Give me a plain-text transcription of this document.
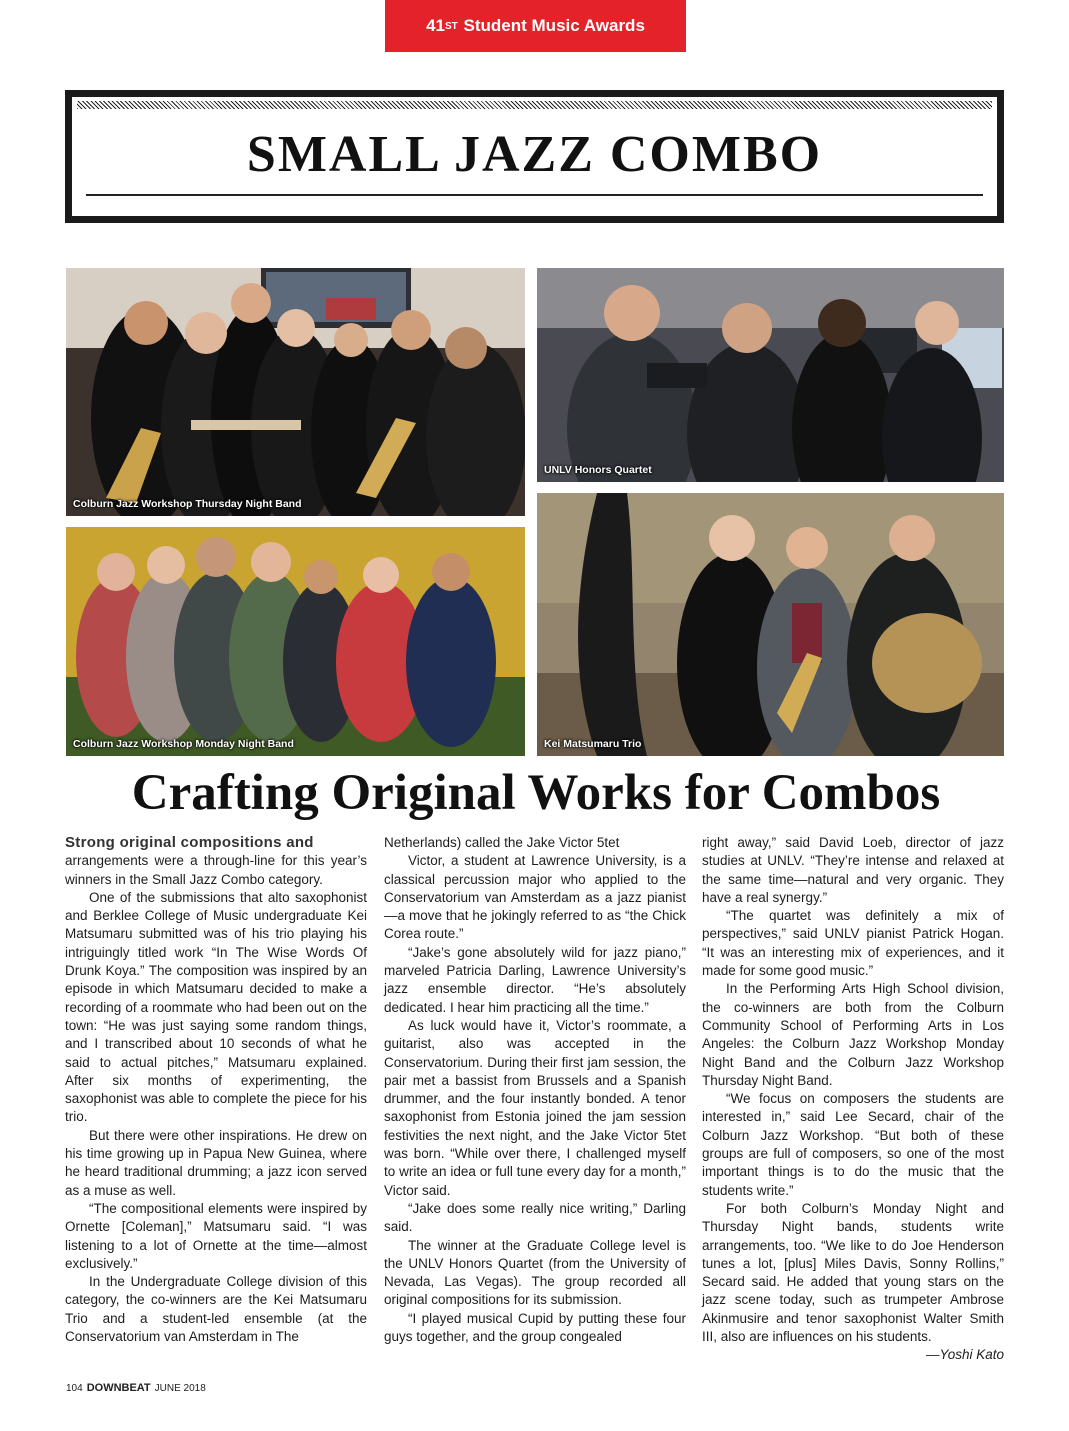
41 ST
Student Music Awards
SMALL JAZZ COMBO
Colburn Jazz Workshop Thursday Night Band
UNLV Honors Quartet
Colburn Jazz Workshop Monday Night Band	Kei Matsumaru Trio
Crafting Original Works for Combos
Strong original compositions and

arrangements were a through-line for this year’s winners in the Small Jazz Combo category.

One of the submissions that alto saxophonist and Berklee College of Music undergraduate Kei Matsumaru submitted was of his trio playing his intriguingly titled work “In The Wise Words Of Drunk Koya.” The composition was inspired by an episode in which Matsumaru decided to make a recording of a roommate who had been out on the town: “He was just saying some random things, and I transcribed about 10 seconds of what he said to actual pitches,” Matsumaru explained. After six months of experimenting, the saxophonist was able to complete the piece for his trio.

But there were other inspirations. He drew on his time growing up in Papua New Guinea, where he heard traditional drumming; a jazz icon served as a muse as well.

“The compositional elements were inspired by Ornette [Coleman],” Matsumaru said. “I was listening to a lot of Ornette at the time—almost exclusively.”

In the Undergraduate College division of this category, the co-winners are the Kei Matsumaru Trio and a student-led ensemble (at the Conservatorium van Amsterdam in The

Netherlands) called the Jake Victor 5tet

Victor, a student at Lawrence University, is a classical percussion major who applied to the Conservatorium van Amsterdam as a jazz pianist—a move that he jokingly referred to as “the Chick Corea route.”

“Jake’s gone absolutely wild for jazz piano,” marveled Patricia Darling, Lawrence University’s jazz ensemble director. “He’s absolutely dedicated. I hear him practicing all the time.”

As luck would have it, Victor’s roommate, a guitarist, also was accepted in the Conservatorium. During their first jam session, the pair met a bassist from Brussels and a Spanish drummer, and the four instantly bonded. A tenor saxophonist from Estonia joined the jam session festivities the next night, and the Jake Victor 5tet was born. “While over there, I challenged myself to write an idea or full tune every day for a month,” Victor said.

“Jake does some really nice writing,” Darling said.

The winner at the Graduate College level is the UNLV Honors Quartet (from the University of Nevada, Las Vegas). The group recorded all original compositions for its submission.

“I played musical Cupid by putting these four guys together, and the group congealed

right away,” said David Loeb, director of jazz studies at UNLV. “They’re intense and relaxed at the same time—natural and very organic. They have a real synergy.”

“The quartet was definitely a mix of perspectives,” said UNLV pianist Patrick Hogan. “It was an interesting mix of experiences, and it made for some good music.”

In the Performing Arts High School division, the co-winners are both from the Colburn Community School of Performing Arts in Los Angeles: the Colburn Jazz Workshop Monday Night Band and the Colburn Jazz Workshop Thursday Night Band.

“We focus on composers the students are interested in,” said Lee Secard, chair of the Colburn Jazz Workshop. “But both of these groups are full of composers, so one of the most important things is to do the music that the students write.”

For both Colburn’s Monday Night and Thursday Night bands, students write arrangements, too. “We like to do Joe Henderson tunes a lot, [plus] Miles Davis, Sonny Rollins,” Secard said. He added that young stars on the jazz scene today, such as trumpeter Ambrose Akinmusire and tenor saxophonist Walter Smith III, also are influences on his students.

—Yoshi Kato

104 DOWNBEAT JUNE 2018
